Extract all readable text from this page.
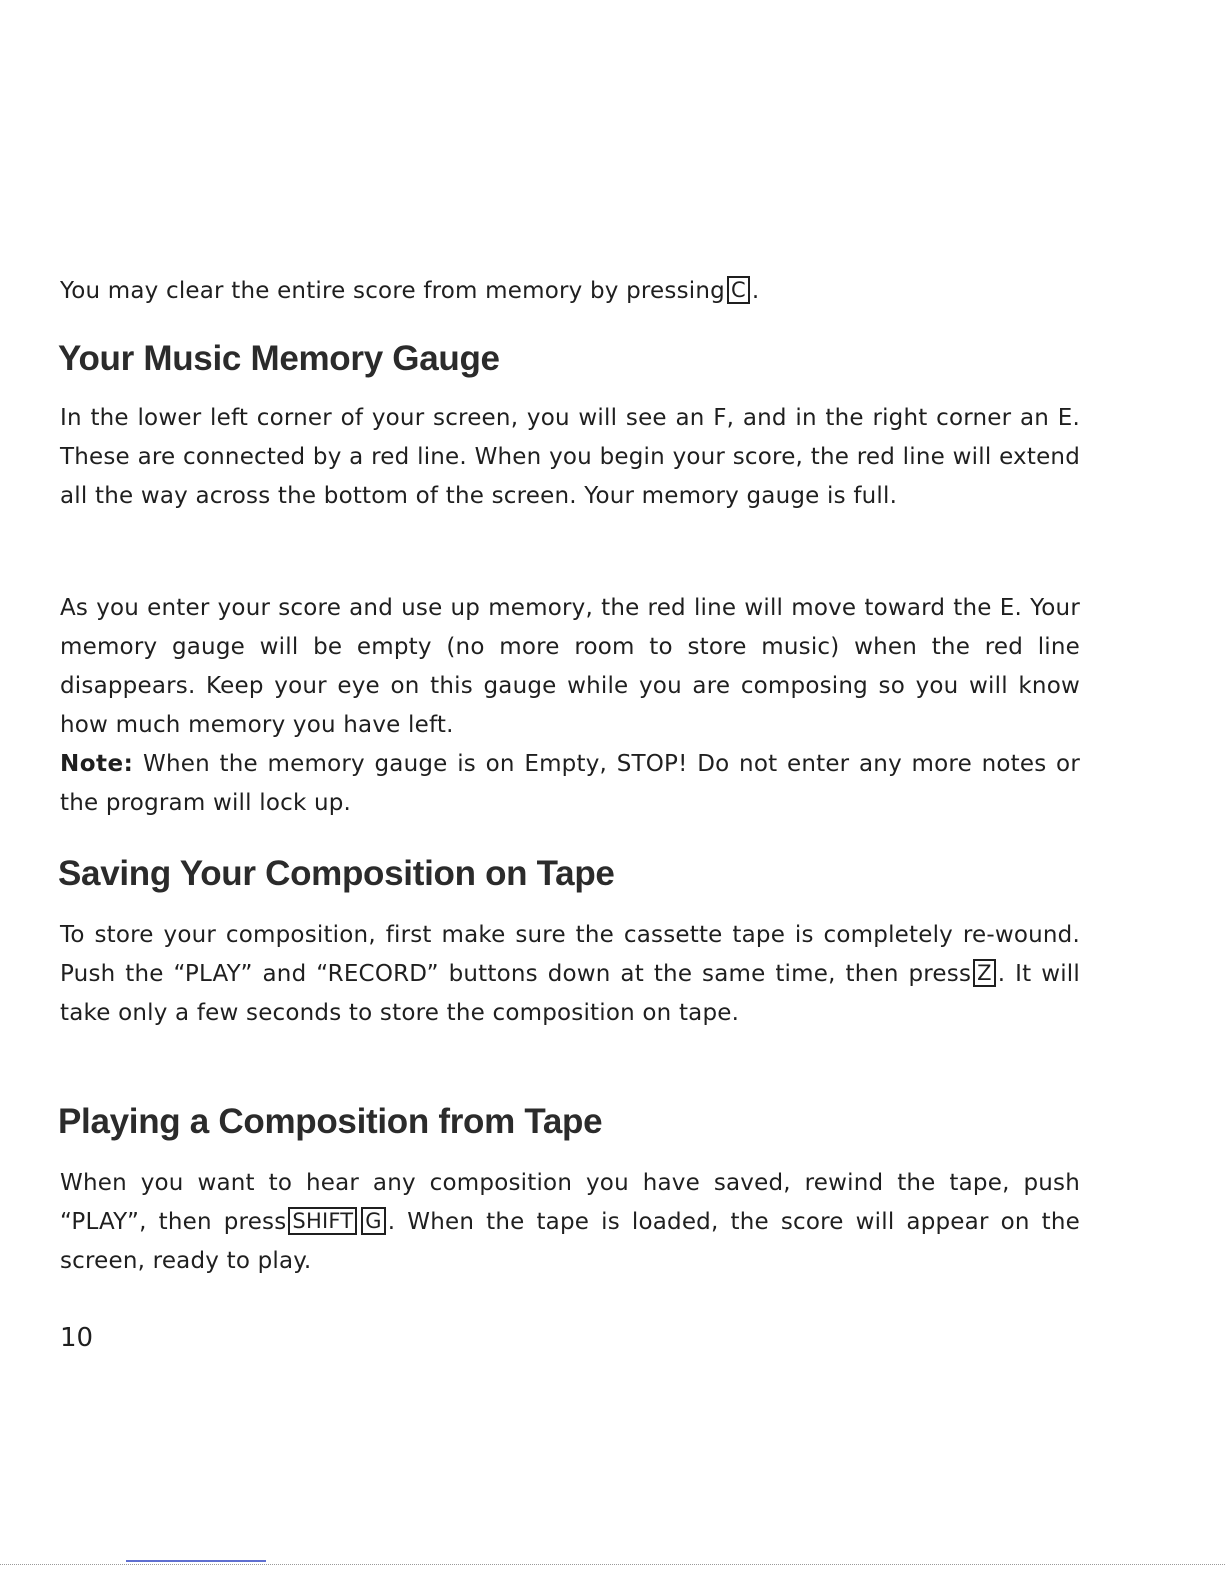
You may clear the entire score from memory by pressing C .

Your Music Memory Gauge

In the lower left corner of your screen, you will see an F, and in the right corner an E. These are connected by a red line. When you begin your score, the red line will extend all the way across the bottom of the screen. Your memory gauge is full.

As you enter your score and use up memory, the red line will move toward the E. Your memory gauge will be empty (no more room to store music) when the red line disappears. Keep your eye on this gauge while you are composing so you will know how much memory you have left.

Note: When the memory gauge is on Empty, STOP! Do not enter any more notes or the program will lock up.

Saving Your Composition on Tape

To store your composition, first make sure the cassette tape is completely re-wound. Push the “PLAY” and “RECORD” buttons down at the same time, then press Z . It will take only a few seconds to store the composition on tape.

Playing a Composition from Tape

When you want to hear any composition you have saved, rewind the tape, push “PLAY”, then press SHIFT G . When the tape is loaded, the score will appear on the screen, ready to play.

10
